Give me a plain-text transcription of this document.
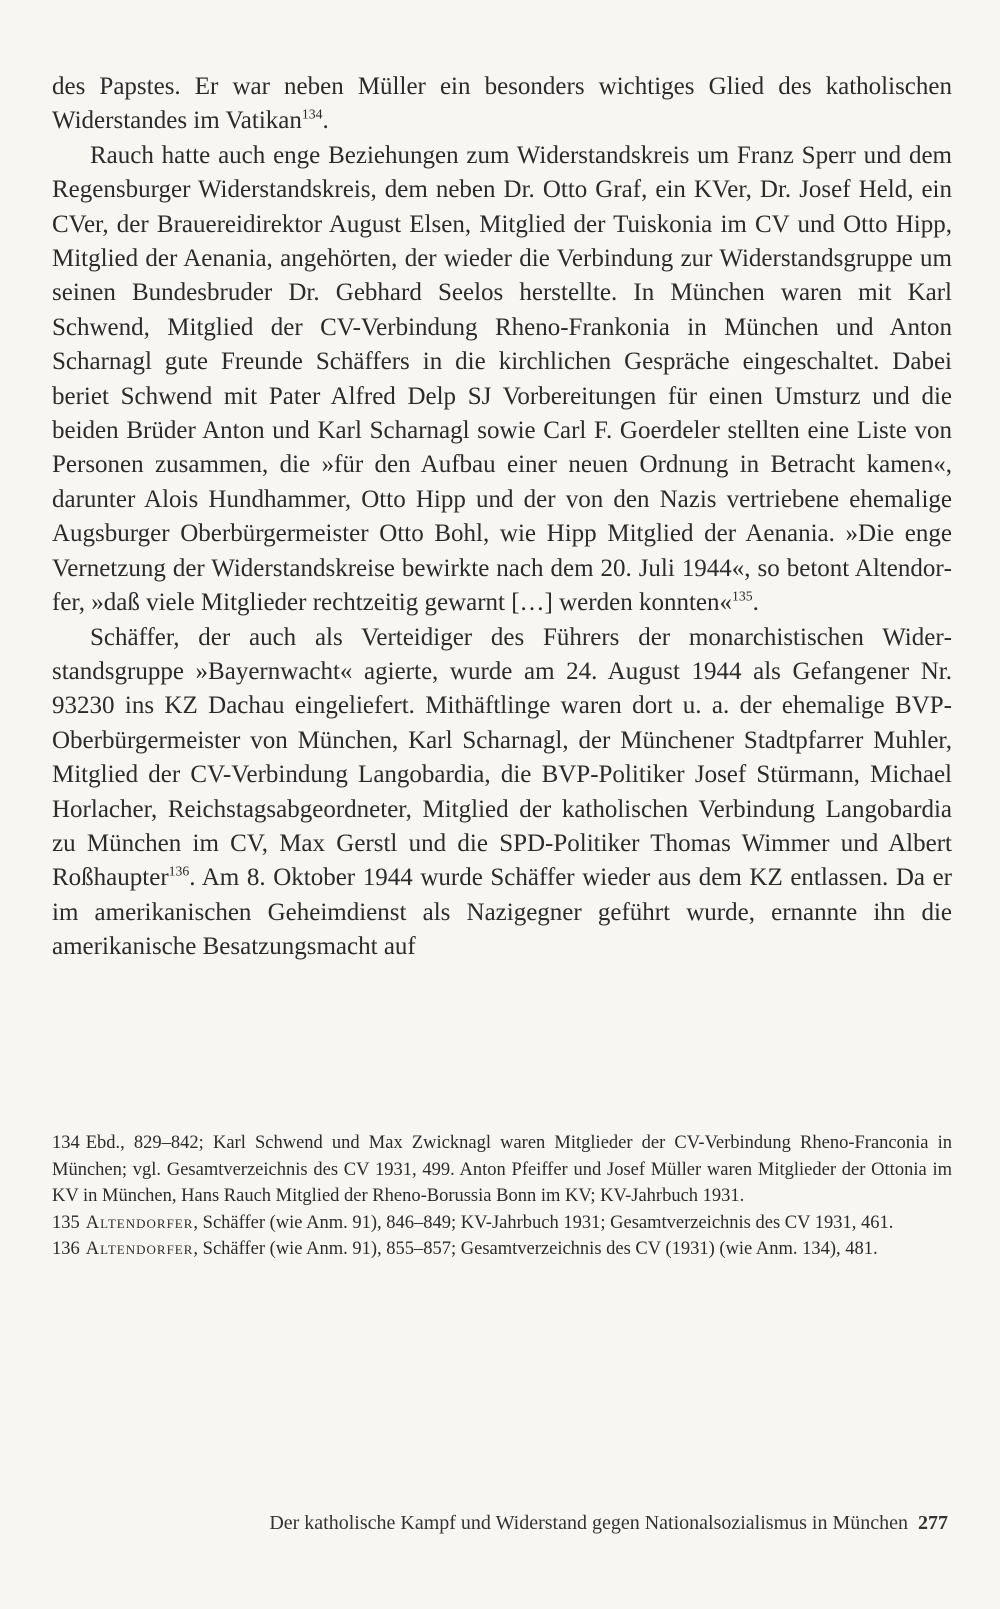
des Papstes. Er war neben Müller ein besonders wichtiges Glied des katholischen Widerstandes im Vatikan$^{134}$.

Rauch hatte auch enge Beziehungen zum Widerstandskreis um Franz Sperr und dem Regensburger Widerstandskreis, dem neben Dr. Otto Graf, ein KVer, Dr. Josef Held, ein CVer, der Brauereidirektor August Elsen, Mitglied der Tuiskonia im CV und Otto Hipp, Mitglied der Aenania, angehörten, der wieder die Verbindung zur Widerstandsgruppe um seinen Bundesbruder Dr. Gebhard Seelos herstellte. In München waren mit Karl Schwend, Mitglied der CV-Verbindung Rheno-Frankonia in München und Anton Scharnagl gute Freunde Schäffers in die kirchlichen Gespräche eingeschaltet. Dabei beriet Schwend mit Pater Alfred Delp SJ Vorbereitungen für einen Umsturz und die beiden Brüder Anton und Karl Scharnagl sowie Carl F. Goerdeler stellten eine Liste von Personen zusammen, die »für den Aufbau einer neuen Ordnung in Betracht kamen«, darunter Alois Hundhammer, Otto Hipp und der von den Nazis vertriebene ehemalige Augsburger Oberbürgermeister Otto Bohl, wie Hipp Mitglied der Aenania. »Die enge Vernetzung der Widerstandskreise bewirkte nach dem 20. Juli 1944«, so betont Altendorfer, »daß viele Mitglieder rechtzeitig gewarnt […] werden konnten«$^{135}$.

Schäffer, der auch als Verteidiger des Führers der monarchistischen Widerstandsgruppe »Bayernwacht« agierte, wurde am 24. August 1944 als Gefangener Nr. 93230 ins KZ Dachau eingeliefert. Mithäftlinge waren dort u. a. der ehemalige BVP-Oberbürgermeister von München, Karl Scharnagl, der Münchener Stadtpfarrer Muhler, Mitglied der CV-Verbindung Langobardia, die BVP-Politiker Josef Stürmann, Michael Horlacher, Reichstagsabgeordneter, Mitglied der katholischen Verbindung Langobardia zu München im CV, Max Gerstl und die SPD-Politiker Thomas Wimmer und Albert Roßhaupter$^{136}$. Am 8. Oktober 1944 wurde Schäffer wieder aus dem KZ entlassen. Da er im amerikanischen Geheimdienst als Nazigegner geführt wurde, ernannte ihn die amerikanische Besatzungsmacht auf

134 Ebd., 829–842; Karl Schwend und Max Zwicknagl waren Mitglieder der CV-Verbindung Rheno-Franconia in München; vgl. Gesamtverzeichnis des CV 1931, 499. Anton Pfeiffer und Josef Müller waren Mitglieder der Ottonia im KV in München, Hans Rauch Mitglied der Rheno-Borussia Bonn im KV; KV-Jahrbuch 1931.

135 Altendorfer, Schäffer (wie Anm. 91), 846–849; KV-Jahrbuch 1931; Gesamtverzeichnis des CV 1931, 461.

136 Altendorfer, Schäffer (wie Anm. 91), 855–857; Gesamtverzeichnis des CV (1931) (wie Anm. 134), 481.

Der katholische Kampf und Widerstand gegen Nationalsozialismus in München 277
